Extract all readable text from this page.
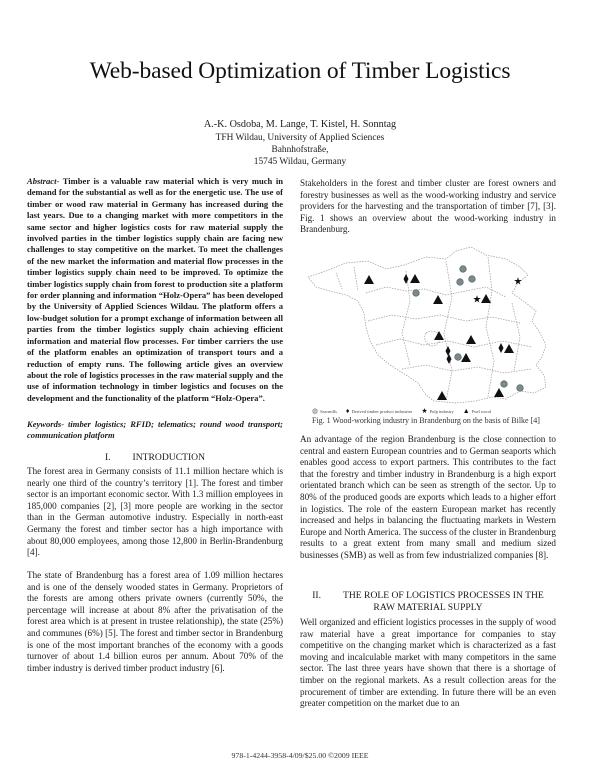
Web-based Optimization of Timber Logistics
A.-K. Osdoba, M. Lange, T. Kistel, H. Sonntag
TFH Wildau, University of Applied Sciences
Bahnhofstraße,
15745 Wildau, Germany
Abstract- Timber is a valuable raw material which is very much in demand for the substantial as well as for the energetic use. The use of timber or wood raw material in Germany has increased during the last years. Due to a changing market with more competitors in the same sector and higher logistics costs for raw material supply the involved parties in the timber logistics supply chain are facing new challenges to stay competitive on the market. To meet the challenges of the new market the information and material flow processes in the timber logistics supply chain need to be improved. To optimize the timber logistics supply chain from forest to production site a platform for order planning and information “Holz-Opera” has been developed by the University of Applied Sciences Wildau. The platform offers a low-budget solution for a prompt exchange of information between all parties from the timber logistics supply chain achieving efficient information and material flow processes. For timber carriers the use of the platform enables an optimization of transport tours and a reduction of empty runs. The following article gives an overview about the role of logistics processes in the raw material supply and the use of information technology in timber logistics and focuses on the development and the functionality of the platform “Holz-Opera”.
Keywords- timber logistics; RFID; telematics; round wood transport; communication platform
I. INTRODUCTION

The forest area in Germany consists of 11.1 million hectare which is nearly one third of the country’s territory [1]. The forest and timber sector is an important economic sector. With 1.3 million employees in 185,000 companies [2], [3] more people are working in the sector than in the German automotive industry. Especially in north-east Germany the forest and timber sector has a high importance with about 80,000 employees, among those 12,800 in Berlin-Brandenburg [4].

The state of Brandenburg has a forest area of 1.09 million hectares and is one of the densely wooded states in Germany. Proprietors of the forests are among others private owners (currently 50%, the percentage will increase at about 8% after the privatisation of the forest area which is at present in trustee relationship), the state (25%) and communes (6%) [5]. The forest and timber sector in Brandenburg is one of the most important branches of the economy with a goods turnover of about 1.4 billion euros per annum. About 70% of the timber industry is derived timber product industry [6].

Stakeholders in the forest and timber cluster are forest owners and forestry businesses as well as the wood-working industry and service providers for the harvesting and the transportation of timber [7], [3]. Fig. 1 shows an overview about the wood-working industry in Brandenburg.

★
★
◍ Sawmills ♦ Derived timber product industries ★ Pulp industry ▲ Fuel wood
Fig. 1 Wood-working industry in Brandenburg on the basis of Bilke [4]

An advantage of the region Brandenburg is the close connection to central and eastern European countries and to German seaports which enables good access to export partners. This contributes to the fact that the forestry and timber industry in Brandenburg is a high export orientated branch which can be seen as strength of the sector. Up to 80% of the produced goods are exports which leads to a higher effort in logistics. The role of the eastern European market has recently increased and helps in balancing the fluctuating markets in Western Europe and North America. The success of the cluster in Brandenburg results to a great extent from many small and medium sized businesses (SMB) as well as from few industrialized companies [8].

II. THE ROLE OF LOGISTICS PROCESSES IN THE
RAW MATERIAL SUPPLY

Well organized and efficient logistics processes in the supply of wood raw material have a great importance for companies to stay competitive on the changing market which is characterized as a fast moving and incalculable market with many competitors in the same sector. The last three years have shown that there is a shortage of timber on the regional markets. As a result collection areas for the procurement of timber are extending. In future there will be an even greater competition on the market due to an

978-1-4244-3958-4/09/$25.00 ©2009 IEEE
